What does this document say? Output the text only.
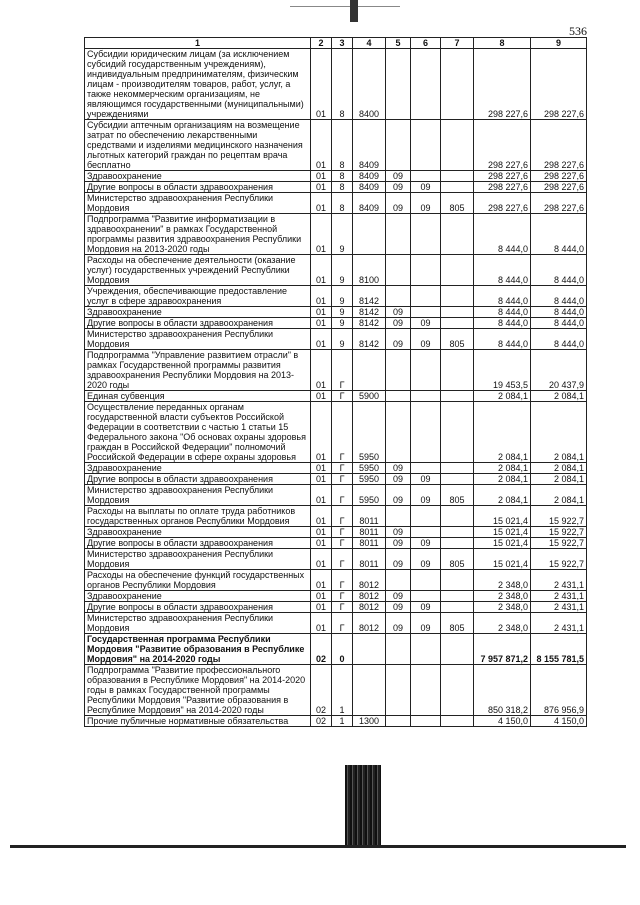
536
1	2	3	4	5	6	7	8	9
Субсидии юридическим лицам (за исключением субсидий государственным учреждениям), индивидуальным предпринимателям, физическим лицам - производителям товаров, работ, услуг, а также некоммерческим организациям, не являющимся государственными (муниципальными) учреждениями	01	8	8400				298 227,6	298 227,6
Субсидии аптечным организациям на возмещение затрат по обеспечению лекарственными средствами и изделиями медицинского назначения льготных категорий граждан по рецептам врача бесплатно	01	8	8409				298 227,6	298 227,6
Здравоохранение	01	8	8409	09			298 227,6	298 227,6
Другие вопросы в области здравоохранения	01	8	8409	09	09		298 227,6	298 227,6
Министерство здравоохранения Республики Мордовия	01	8	8409	09	09	805	298 227,6	298 227,6
Подпрограмма "Развитие информатизации в здравоохранении" в рамках Государственной программы развития здравоохранения Республики Мордовия на 2013-2020 годы	01	9					8 444,0	8 444,0
Расходы на обеспечение деятельности (оказание услуг) государственных учреждений Республики Мордовия	01	9	8100				8 444,0	8 444,0
Учреждения, обеспечивающие предоставление услуг в сфере здравоохранения	01	9	8142				8 444,0	8 444,0
Здравоохранение	01	9	8142	09			8 444,0	8 444,0
Другие вопросы в области здравоохранения	01	9	8142	09	09		8 444,0	8 444,0
Министерство здравоохранения Республики Мордовия	01	9	8142	09	09	805	8 444,0	8 444,0
Подпрограмма "Управление развитием отрасли" в рамках Государственной программы развития здравоохранения Республики Мордовия на 2013-2020 годы	01	Г					19 453,5	20 437,9
Единая субвенция	01	Г	5900				2 084,1	2 084,1
Осуществление переданных органам государственной власти субъектов Российской Федерации в соответствии с частью 1 статьи 15 Федерального закона "Об основах охраны здоровья граждан в Российской Федерации" полномочий Российской Федерации в сфере охраны здоровья	01	Г	5950				2 084,1	2 084,1
Здравоохранение	01	Г	5950	09			2 084,1	2 084,1
Другие вопросы в области здравоохранения	01	Г	5950	09	09		2 084,1	2 084,1
Министерство здравоохранения Республики Мордовия	01	Г	5950	09	09	805	2 084,1	2 084,1
Расходы на выплаты по оплате труда работников государственных органов Республики Мордовия	01	Г	8011				15 021,4	15 922,7
Здравоохранение	01	Г	8011	09			15 021,4	15 922,7
Другие вопросы в области здравоохранения	01	Г	8011	09	09		15 021,4	15 922,7
Министерство здравоохранения Республики Мордовия	01	Г	8011	09	09	805	15 021,4	15 922,7
Расходы на обеспечение функций государственных органов Республики Мордовия	01	Г	8012				2 348,0	2 431,1
Здравоохранение	01	Г	8012	09			2 348,0	2 431,1
Другие вопросы в области здравоохранения	01	Г	8012	09	09		2 348,0	2 431,1
Министерство здравоохранения Республики Мордовия	01	Г	8012	09	09	805	2 348,0	2 431,1
Государственная программа Республики Мордовия "Развитие образования в Республике Мордовия" на 2014-2020 годы	02	0					7 957 871,2	8 155 781,5
Подпрограмма "Развитие профессионального образования в Республике Мордовия" на 2014-2020 годы в рамках Государственной программы Республики Мордовия "Развитие образования в Республике Мордовия" на 2014-2020 годы	02	1					850 318,2	876 956,9
Прочие публичные нормативные обязательства	02	1	1300				4 150,0	4 150,0
